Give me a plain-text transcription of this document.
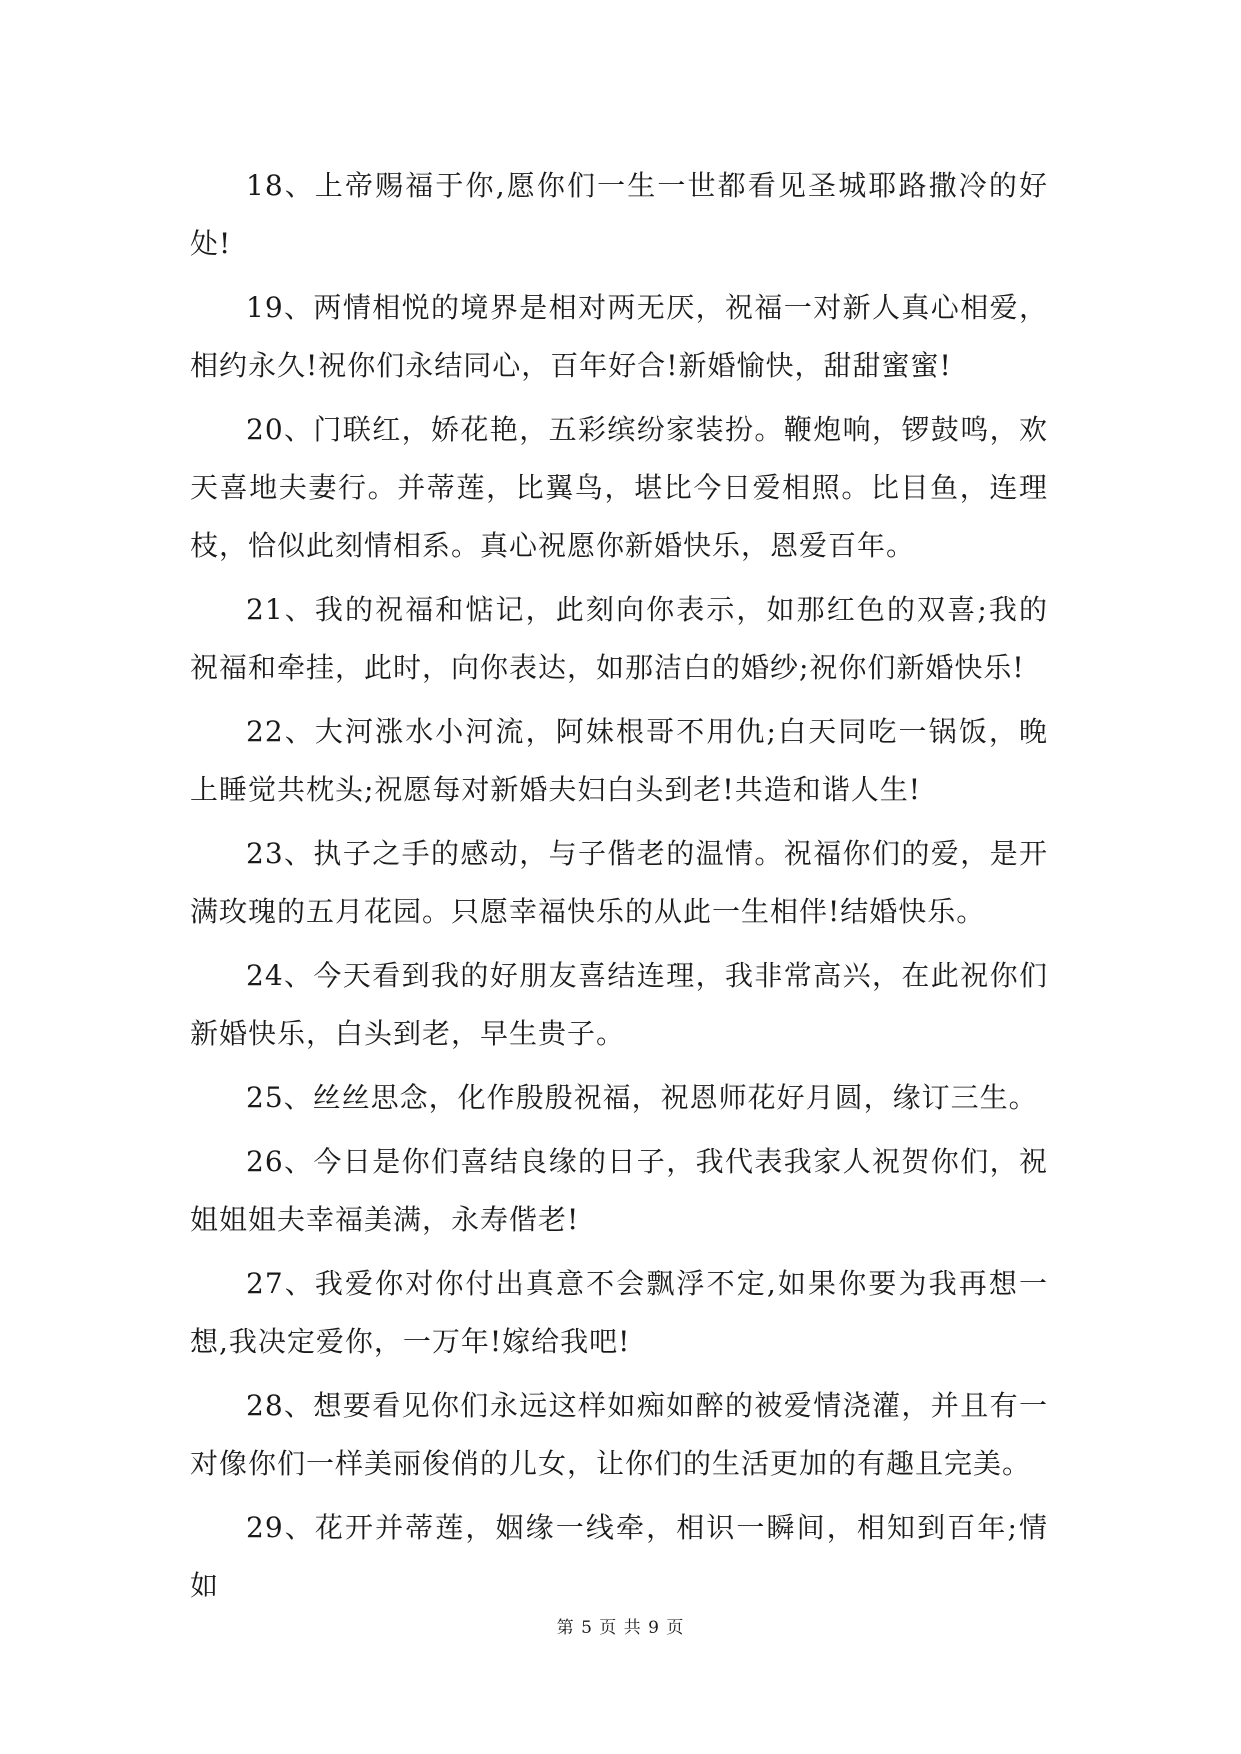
18、上帝赐福于你,愿你们一生一世都看见圣城耶路撒冷的好处!

19、两情相悦的境界是相对两无厌，祝福一对新人真心相爱，相约永久!祝你们永结同心，百年好合!新婚愉快，甜甜蜜蜜!

20、门联红，娇花艳，五彩缤纷家装扮。鞭炮响，锣鼓鸣，欢天喜地夫妻行。并蒂莲，比翼鸟，堪比今日爱相照。比目鱼，连理枝，恰似此刻情相系。真心祝愿你新婚快乐，恩爱百年。

21、我的祝福和惦记，此刻向你表示，如那红色的双喜;我的祝福和牵挂，此时，向你表达，如那洁白的婚纱;祝你们新婚快乐!

22、大河涨水小河流，阿妹根哥不用仇;白天同吃一锅饭，晚上睡觉共枕头;祝愿每对新婚夫妇白头到老!共造和谐人生!

23、执子之手的感动，与子偕老的温情。祝福你们的爱，是开满玫瑰的五月花园。只愿幸福快乐的从此一生相伴!结婚快乐。

24、今天看到我的好朋友喜结连理，我非常高兴，在此祝你们新婚快乐，白头到老，早生贵子。

25、丝丝思念，化作殷殷祝福，祝恩师花好月圆，缘订三生。

26、今日是你们喜结良缘的日子，我代表我家人祝贺你们，祝姐姐姐夫幸福美满，永寿偕老!

27、我爱你对你付出真意不会飘浮不定,如果你要为我再想一想,我决定爱你，一万年!嫁给我吧!

28、想要看见你们永远这样如痴如醉的被爱情浇灌，并且有一对像你们一样美丽俊俏的儿女，让你们的生活更加的有趣且完美。

29、花开并蒂莲，姻缘一线牵，相识一瞬间，相知到百年;情如

第 5 页 共 9 页
